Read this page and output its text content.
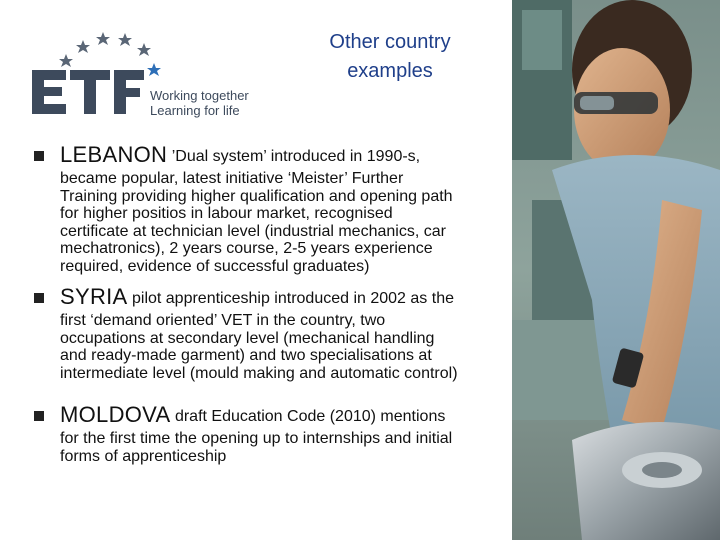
Working together
Learning for life
Other country
examples
LEBANON ’Dual system’ introduced in 1990-s,
became popular, latest initiative ‘Meister’ Further
Training providing higher qualification and opening path
for higher positios in labour market, recognised
certificate at technician level (industrial mechanics, car
mechatronics), 2 years course, 2-5 years experience
required, evidence of successful graduates)
SYRIA pilot apprenticeship introduced in 2002 as the
first ‘demand oriented’ VET in the country, two
occupations at secondary level (mechanical handling
and ready-made garment) and two specialisations at
intermediate level (mould making and automatic control)
MOLDOVA draft Education Code (2010) mentions
for the first time the opening up to internships and initial
forms of apprenticeship
